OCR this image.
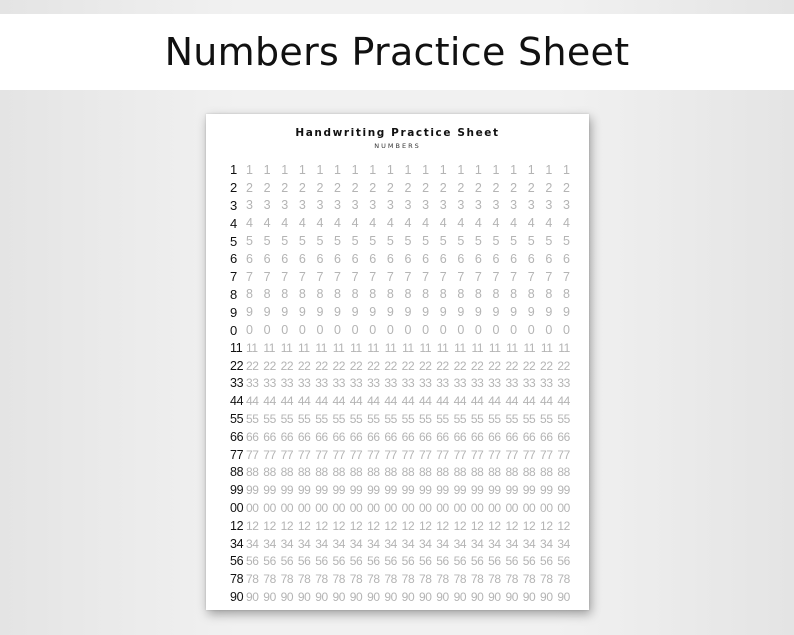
Numbers Practice Sheet
Handwriting Practice Sheet
NUMBERS
1 1 1 1 1 1 1 1 1 1 1 1 1 1 1 1 1 1 1 1
2 2 2 2 2 2 2 2 2 2 2 2 2 2 2 2 2 2 2 2
3 3 3 3 3 3 3 3 3 3 3 3 3 3 3 3 3 3 3 3
4 4 4 4 4 4 4 4 4 4 4 4 4 4 4 4 4 4 4 4
5 5 5 5 5 5 5 5 5 5 5 5 5 5 5 5 5 5 5 5
6 6 6 6 6 6 6 6 6 6 6 6 6 6 6 6 6 6 6 6
7 7 7 7 7 7 7 7 7 7 7 7 7 7 7 7 7 7 7 7
8 8 8 8 8 8 8 8 8 8 8 8 8 8 8 8 8 8 8 8
9 9 9 9 9 9 9 9 9 9 9 9 9 9 9 9 9 9 9 9
0 0 0 0 0 0 0 0 0 0 0 0 0 0 0 0 0 0 0 0
11 11 11 11 11 11 11 11 11 11 11 11 11 11 11 11 11 11 11 11
22 22 22 22 22 22 22 22 22 22 22 22 22 22 22 22 22 22 22 22
33 33 33 33 33 33 33 33 33 33 33 33 33 33 33 33 33 33 33 33
44 44 44 44 44 44 44 44 44 44 44 44 44 44 44 44 44 44 44 44
55 55 55 55 55 55 55 55 55 55 55 55 55 55 55 55 55 55 55 55
66 66 66 66 66 66 66 66 66 66 66 66 66 66 66 66 66 66 66 66
77 77 77 77 77 77 77 77 77 77 77 77 77 77 77 77 77 77 77 77
88 88 88 88 88 88 88 88 88 88 88 88 88 88 88 88 88 88 88 88
99 99 99 99 99 99 99 99 99 99 99 99 99 99 99 99 99 99 99 99
00 00 00 00 00 00 00 00 00 00 00 00 00 00 00 00 00 00 00 00
12 12 12 12 12 12 12 12 12 12 12 12 12 12 12 12 12 12 12 12
34 34 34 34 34 34 34 34 34 34 34 34 34 34 34 34 34 34 34 34
56 56 56 56 56 56 56 56 56 56 56 56 56 56 56 56 56 56 56 56
78 78 78 78 78 78 78 78 78 78 78 78 78 78 78 78 78 78 78 78
90 90 90 90 90 90 90 90 90 90 90 90 90 90 90 90 90 90 90 90
